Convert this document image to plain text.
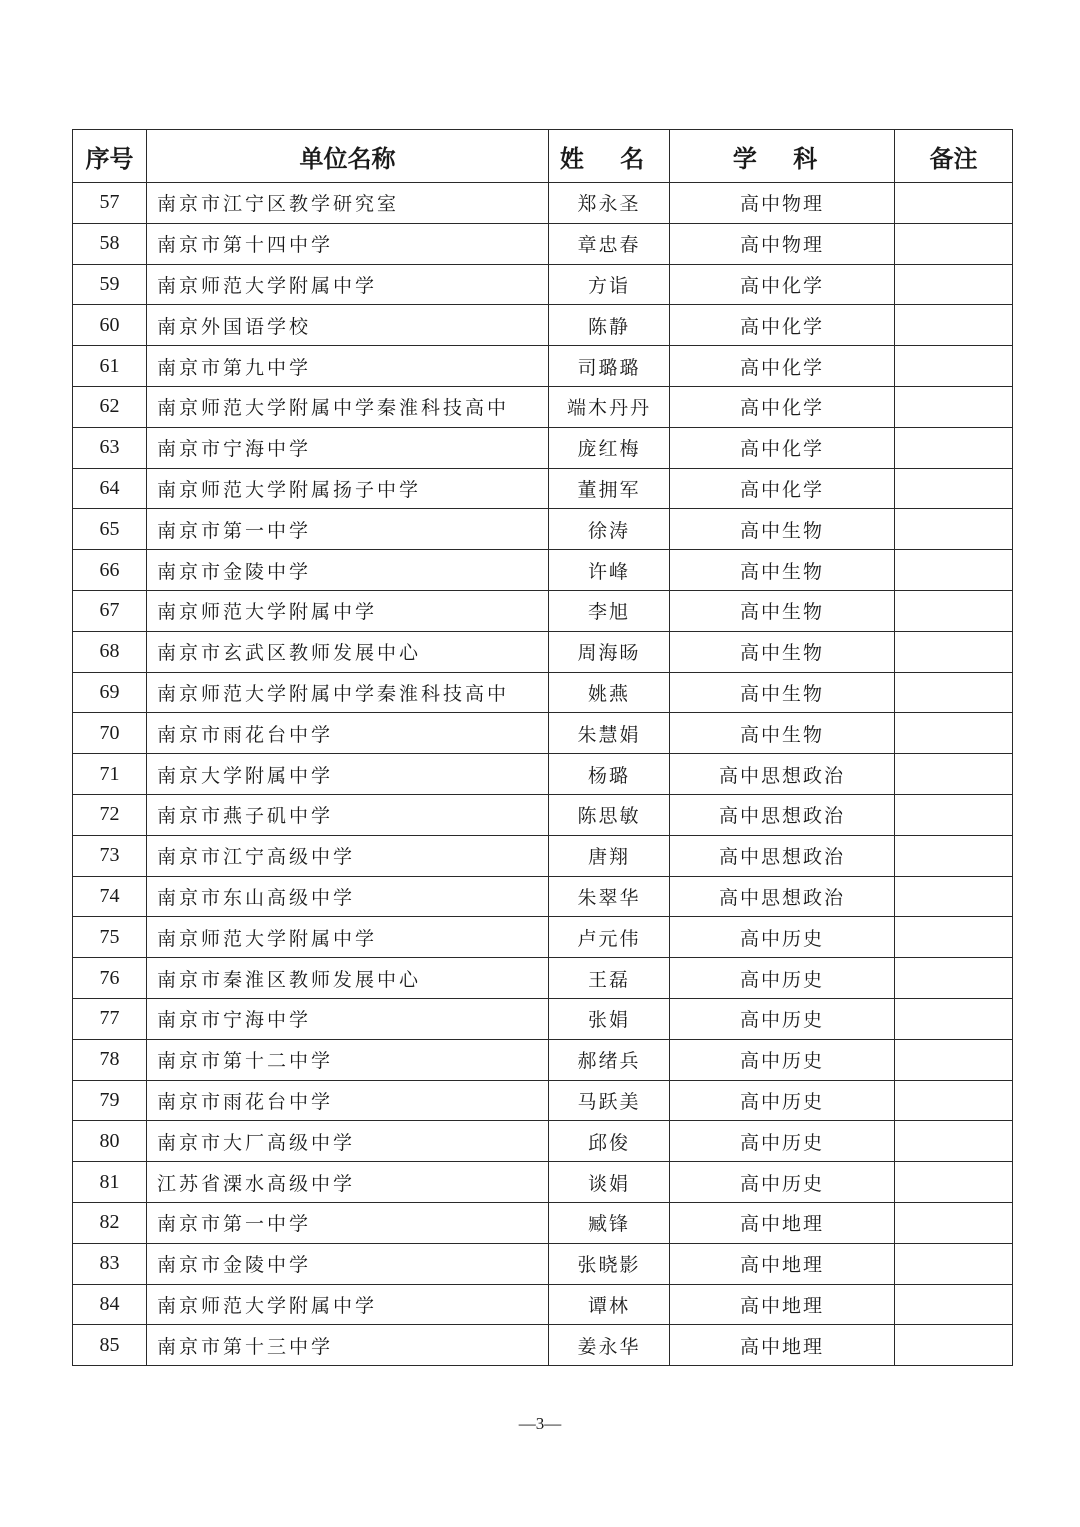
序号	单位名称	姓 名	学 科	备注
57	南京市江宁区教学研究室	郑永圣	高中物理	
58	南京市第十四中学	章忠春	高中物理	
59	南京师范大学附属中学	方诣	高中化学	
60	南京外国语学校	陈静	高中化学	
61	南京市第九中学	司璐璐	高中化学	
62	南京师范大学附属中学秦淮科技高中	端木丹丹	高中化学	
63	南京市宁海中学	庞红梅	高中化学	
64	南京师范大学附属扬子中学	董拥军	高中化学	
65	南京市第一中学	徐涛	高中生物	
66	南京市金陵中学	许峰	高中生物	
67	南京师范大学附属中学	李旭	高中生物	
68	南京市玄武区教师发展中心	周海旸	高中生物	
69	南京师范大学附属中学秦淮科技高中	姚燕	高中生物	
70	南京市雨花台中学	朱慧娟	高中生物	
71	南京大学附属中学	杨璐	高中思想政治	
72	南京市燕子矶中学	陈思敏	高中思想政治	
73	南京市江宁高级中学	唐翔	高中思想政治	
74	南京市东山高级中学	朱翠华	高中思想政治	
75	南京师范大学附属中学	卢元伟	高中历史	
76	南京市秦淮区教师发展中心	王磊	高中历史	
77	南京市宁海中学	张娟	高中历史	
78	南京市第十二中学	郝绪兵	高中历史	
79	南京市雨花台中学	马跃美	高中历史	
80	南京市大厂高级中学	邱俊	高中历史	
81	江苏省溧水高级中学	谈娟	高中历史	
82	南京市第一中学	臧锋	高中地理	
83	南京市金陵中学	张晓影	高中地理	
84	南京师范大学附属中学	谭林	高中地理	
85	南京市第十三中学	姜永华	高中地理	
—3—
